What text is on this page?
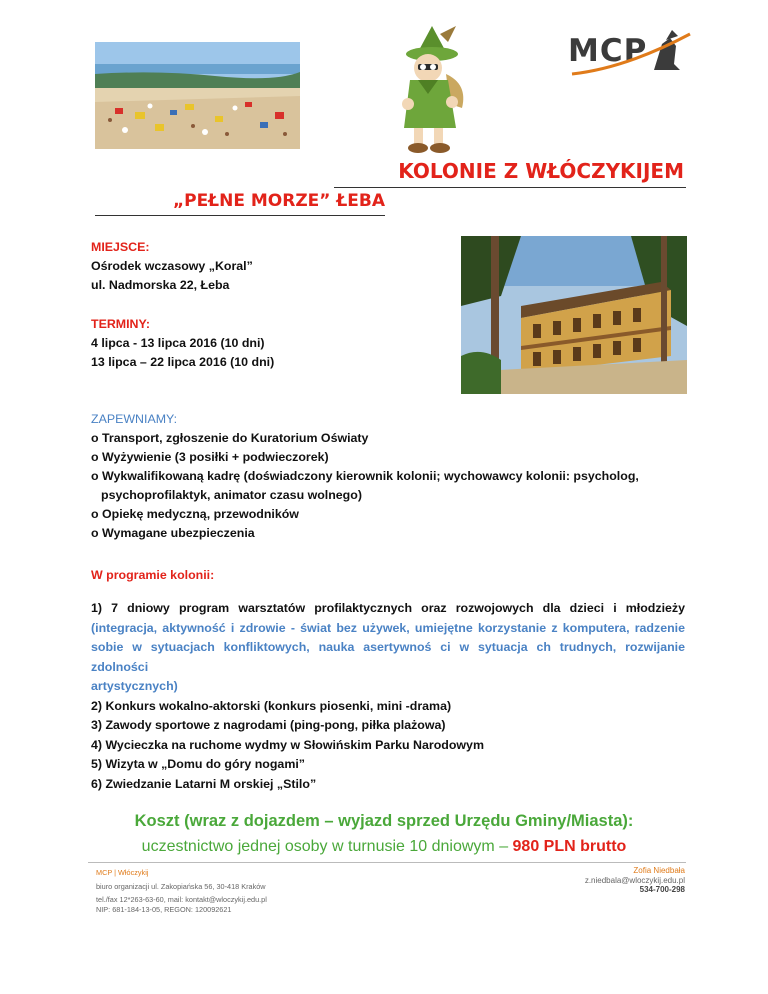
MCP
KOLONIE Z WŁÓCZYKIJEM
„PEŁNE MORZE” ŁEBA
MIEJSCE:
Ośrodek wczasowy „Koral”
ul. Nadmorska 22, Łeba
TERMINY:
4 lipca - 13 lipca 2016 (10 dni)
13 lipca – 22 lipca 2016 (10 dni)
ZAPEWNIAMY:
o Transport, zgłoszenie do Kuratorium Oświaty
o Wyżywienie (3 posiłki + podwieczorek)
o Wykwalifikowaną kadrę (doświadczony kierownik kolonii; wychowawcy kolonii: psycholog,
psychoprofilaktyk, animator czasu wolnego)
o Opiekę medyczną, przewodników
o Wymagane ubezpieczenia
W programie kolonii:
1) 7 dniowy program warsztatów profilaktycznych oraz rozwojowych dla dzieci i młodzieży
(integracja, aktywność i zdrowie - świat bez używek, umiejętne korzystanie z komputera, radzenie
sobie w sytuacjach konfliktowych, nauka asertywnoś ci w sytuacja ch trudnych, rozwijanie zdolności
artystycznych)
2) Konkurs wokalno-aktorski (konkurs piosenki, mini -drama)
3) Zawody sportowe z nagrodami (ping-pong, piłka plażowa)
4) Wycieczka na ruchome wydmy w Słowińskim Parku Narodowym
5) Wizyta w „Domu do góry nogami”
6) Zwiedzanie Latarni M orskiej „Stilo”
Koszt (wraz z dojazdem – wyjazd sprzed Urzędu Gminy/Miasta):
uczestnictwo jednej osoby w turnusie 10 dniowym – 980 PLN brutto
MCP | Włóczykij
biuro organizacji ul. Zakopiańska 56, 30-418 Kraków
tel./fax 12*263-63-60, mail: kontakt@wloczykij.edu.pl
NIP: 681-184-13-05, REGON: 120092621
Zofia Niedbała
z.niedbala@wloczykij.edu.pl
534-700-298
